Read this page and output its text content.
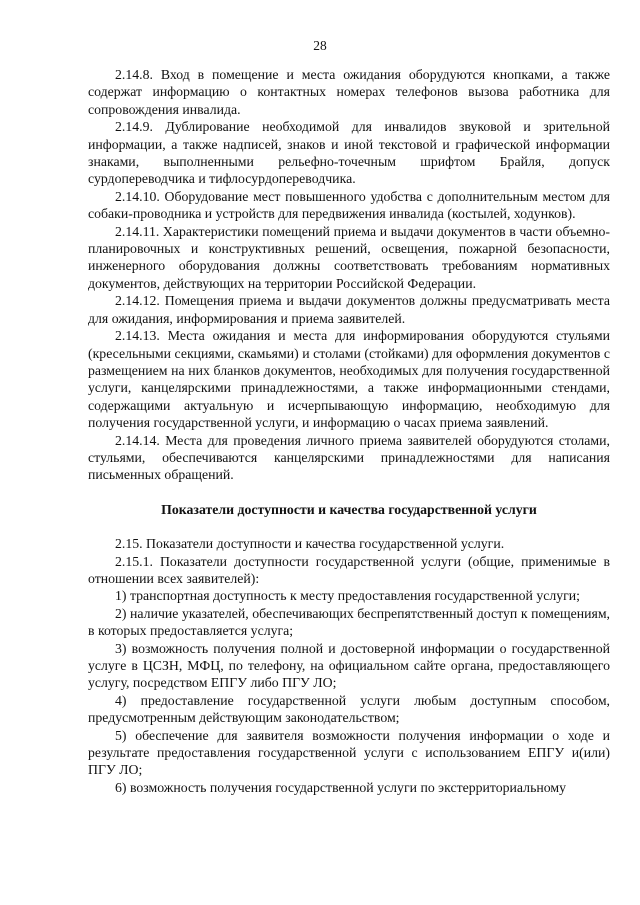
28

2.14.8. Вход в помещение и места ожидания оборудуются кнопками, а также содержат информацию о контактных номерах телефонов вызова работника для сопровождения инвалида.

2.14.9. Дублирование необходимой для инвалидов звуковой и зрительной информации, а также надписей, знаков и иной текстовой и графической информации знаками, выполненными рельефно-точечным шрифтом Брайля, допуск сурдопереводчика и тифлосурдопереводчика.

2.14.10. Оборудование мест повышенного удобства с дополнительным местом для собаки-проводника и устройств для передвижения инвалида (костылей, ходунков).

2.14.11. Характеристики помещений приема и выдачи документов в части объемно-планировочных и конструктивных решений, освещения, пожарной безопасности, инженерного оборудования должны соответствовать требованиям нормативных документов, действующих на территории Российской Федерации.

2.14.12. Помещения приема и выдачи документов должны предусматривать места для ожидания, информирования и приема заявителей.

2.14.13. Места ожидания и места для информирования оборудуются стульями (кресельными секциями, скамьями) и столами (стойками) для оформления документов с размещением на них бланков документов, необходимых для получения государственной услуги, канцелярскими принадлежностями, а также информационными стендами, содержащими актуальную и исчерпывающую информацию, необходимую для получения государственной услуги, и информацию о часах приема заявлений.

2.14.14. Места для проведения личного приема заявителей оборудуются столами, стульями, обеспечиваются канцелярскими принадлежностями для написания письменных обращений.

Показатели доступности и качества государственной услуги

2.15. Показатели доступности и качества государственной услуги.

2.15.1. Показатели доступности государственной услуги (общие, применимые в отношении всех заявителей):

1) транспортная доступность к месту предоставления государственной услуги;

2) наличие указателей, обеспечивающих беспрепятственный доступ к помещениям, в которых предоставляется услуга;

3) возможность получения полной и достоверной информации о государственной услуге в ЦСЗН, МФЦ, по телефону, на официальном сайте органа, предоставляющего услугу, посредством ЕПГУ либо ПГУ ЛО;

4) предоставление государственной услуги любым доступным способом, предусмотренным действующим законодательством;

5) обеспечение для заявителя возможности получения информации о ходе и результате предоставления государственной услуги с использованием ЕПГУ и(или) ПГУ ЛО;

6) возможность получения государственной услуги по экстерриториальному
